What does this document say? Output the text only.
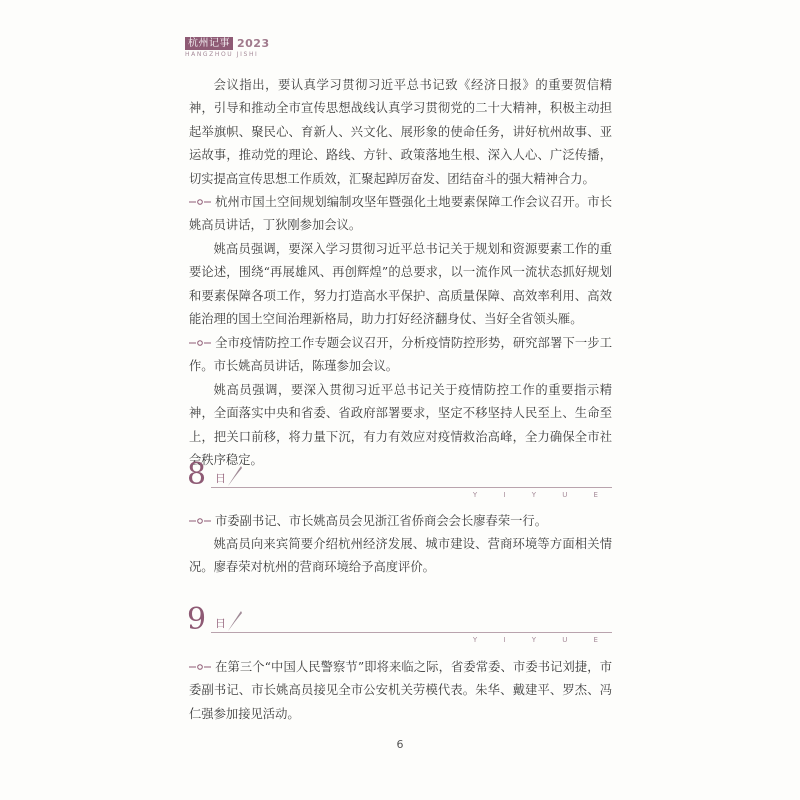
杭州记事 2023
HANGZHOU JISHI

会议指出，要认真学习贯彻习近平总书记致《经济日报》的重要贺信精神，引导和推动全市宣传思想战线认真学习贯彻党的二十大精神，积极主动担起举旗帜、聚民心、育新人、兴文化、展形象的使命任务，讲好杭州故事、亚运故事，推动党的理论、路线、方针、政策落地生根、深入人心、广泛传播，切实提高宣传思想工作质效，汇聚起踔厉奋发、团结奋斗的强大精神合力。

杭州市国土空间规划编制攻坚年暨强化土地要素保障工作会议召开。市长姚高员讲话，丁狄刚参加会议。

姚高员强调，要深入学习贯彻习近平总书记关于规划和资源要素工作的重要论述，围绕“再展雄风、再创辉煌”的总要求，以一流作风一流状态抓好规划和要素保障各项工作，努力打造高水平保护、高质量保障、高效率利用、高效能治理的国土空间治理新格局，助力打好经济翻身仗、当好全省领头雁。

全市疫情防控工作专题会议召开，分析疫情防控形势，研究部署下一步工作。市长姚高员讲话，陈瑾参加会议。

姚高员强调，要深入贯彻习近平总书记关于疫情防控工作的重要指示精神，全面落实中央和省委、省政府部署要求，坚定不移坚持人民至上、生命至上，把关口前移，将力量下沉，有力有效应对疫情救治高峰，全力确保全市社会秩序稳定。

8 日
Y I Y U E

市委副书记、市长姚高员会见浙江省侨商会会长廖春荣一行。

姚高员向来宾简要介绍杭州经济发展、城市建设、营商环境等方面相关情况。廖春荣对杭州的营商环境给予高度评价。

9 日
Y I Y U E

在第三个“中国人民警察节”即将来临之际，省委常委、市委书记刘捷，市委副书记、市长姚高员接见全市公安机关劳模代表。朱华、戴建平、罗杰、冯仁强参加接见活动。

6
